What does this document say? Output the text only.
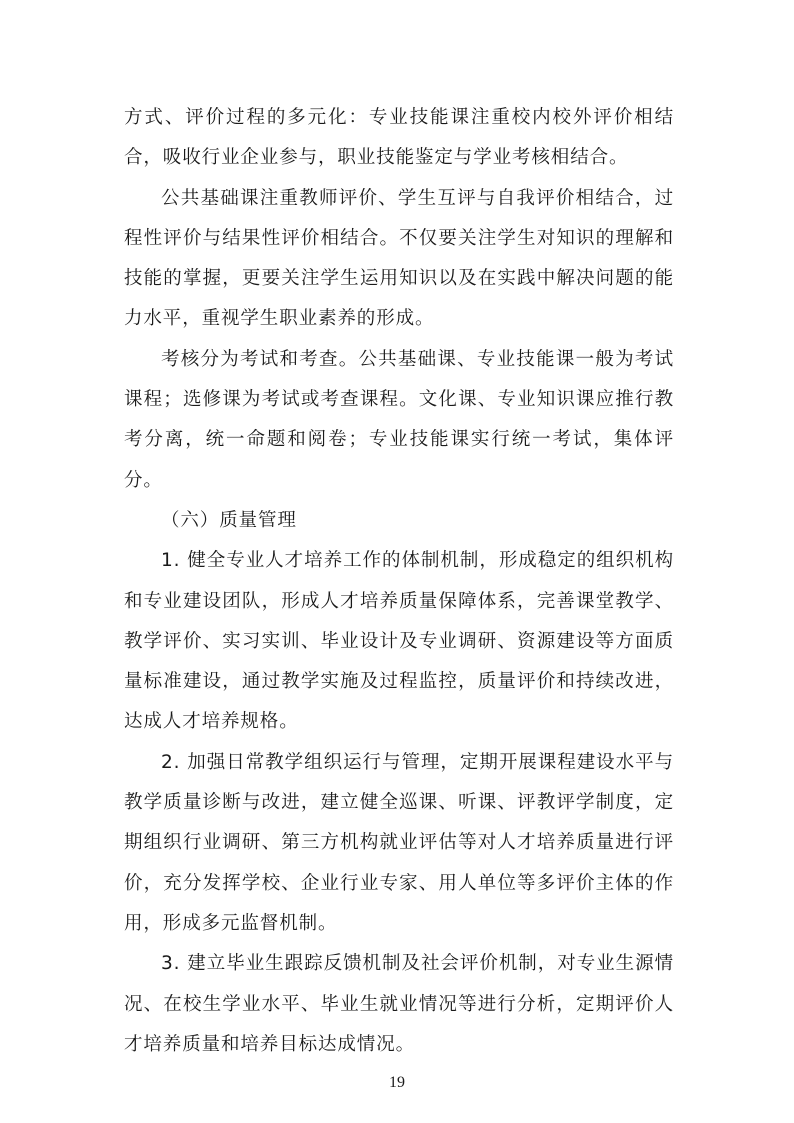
方式、评价过程的多元化：专业技能课注重校内校外评价相结合，吸收行业企业参与，职业技能鉴定与学业考核相结合。

公共基础课注重教师评价、学生互评与自我评价相结合，过程性评价与结果性评价相结合。不仅要关注学生对知识的理解和技能的掌握，更要关注学生运用知识以及在实践中解决问题的能力水平，重视学生职业素养的形成。

考核分为考试和考查。公共基础课、专业技能课一般为考试课程；选修课为考试或考查课程。文化课、专业知识课应推行教考分离，统一命题和阅卷；专业技能课实行统一考试，集体评分。

（六）质量管理

1. 健全专业人才培养工作的体制机制，形成稳定的组织机构和专业建设团队，形成人才培养质量保障体系，完善课堂教学、教学评价、实习实训、毕业设计及专业调研、资源建设等方面质量标准建设，通过教学实施及过程监控，质量评价和持续改进，达成人才培养规格。

2. 加强日常教学组织运行与管理，定期开展课程建设水平与教学质量诊断与改进，建立健全巡课、听课、评教评学制度，定期组织行业调研、第三方机构就业评估等对人才培养质量进行评价，充分发挥学校、企业行业专家、用人单位等多评价主体的作用，形成多元监督机制。

3. 建立毕业生跟踪反馈机制及社会评价机制，对专业生源情况、在校生学业水平、毕业生就业情况等进行分析，定期评价人才培养质量和培养目标达成情况。

19
